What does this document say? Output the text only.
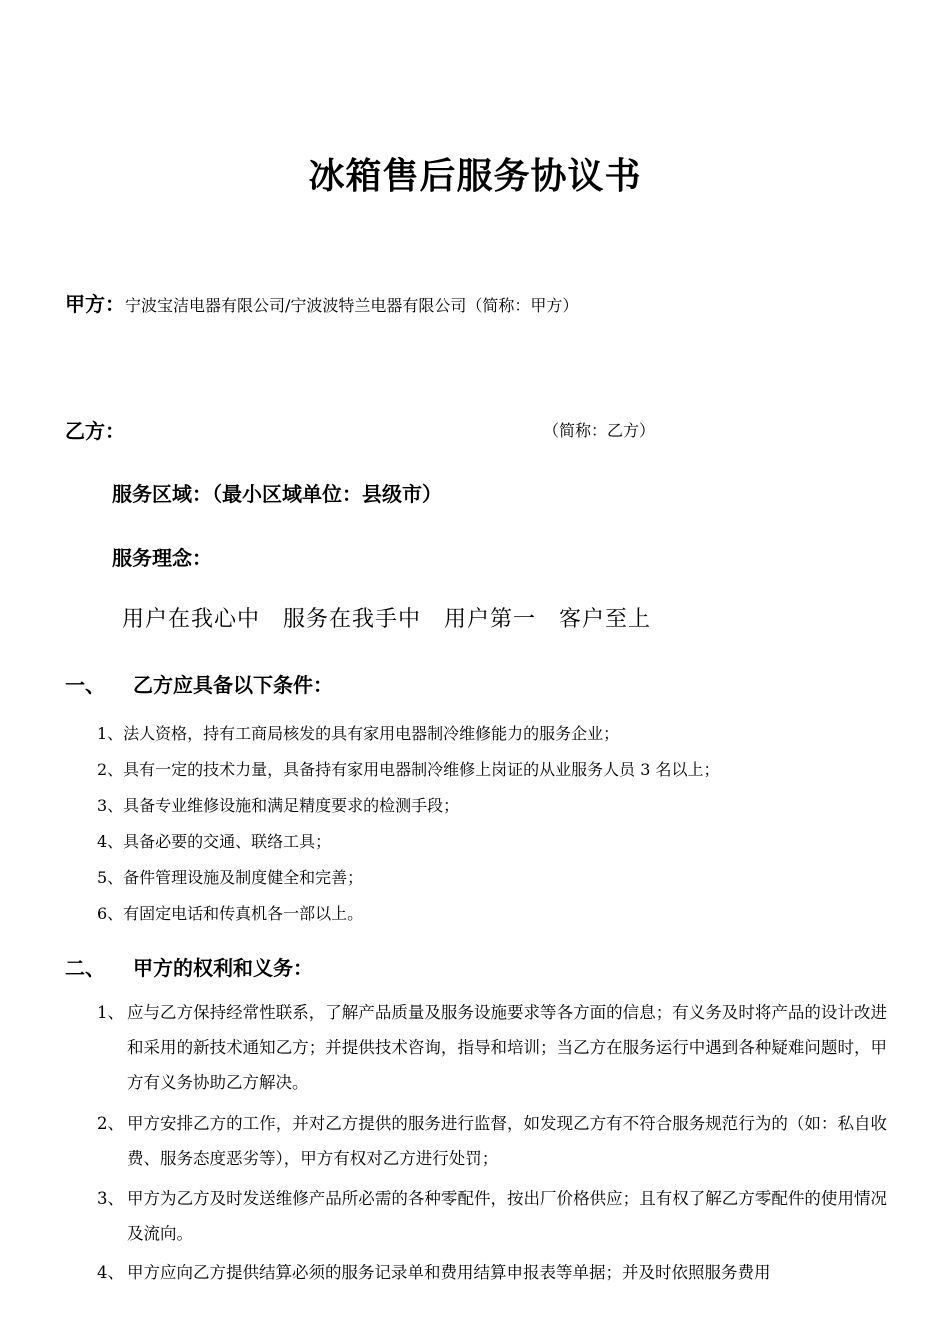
冰箱售后服务协议书
甲方：宁波宝洁电器有限公司/宁波波特兰电器有限公司（简称：甲方）
乙方：	（简称：乙方）
服务区域：（最小区域单位：县级市）
服务理念：
用户在我心中　服务在我手中　用户第一　客户至上
一、 乙方应具备以下条件：
1、法人资格，持有工商局核发的具有家用电器制冷维修能力的服务企业；
2、具有一定的技术力量，具备持有家用电器制冷维修上岗证的从业服务人员 3 名以上；
3、具备专业维修设施和满足精度要求的检测手段；
4、具备必要的交通、联络工具；
5、备件管理设施及制度健全和完善；
6、有固定电话和传真机各一部以上。
二、 甲方的权利和义务：
1、 应与乙方保持经常性联系，了解产品质量及服务设施要求等各方面的信息；有义务及时将产品的设计改进和采用的新技术通知乙方；并提供技术咨询，指导和培训；当乙方在服务运行中遇到各种疑难问题时，甲方有义务协助乙方解决。
2、 甲方安排乙方的工作，并对乙方提供的服务进行监督，如发现乙方有不符合服务规范行为的（如：私自收费、服务态度恶劣等），甲方有权对乙方进行处罚；
3、 甲方为乙方及时发送维修产品所必需的各种零配件，按出厂价格供应；且有权了解乙方零配件的使用情况及流向。
4、 甲方应向乙方提供结算必须的服务记录单和费用结算申报表等单据；并及时依照服务费用
